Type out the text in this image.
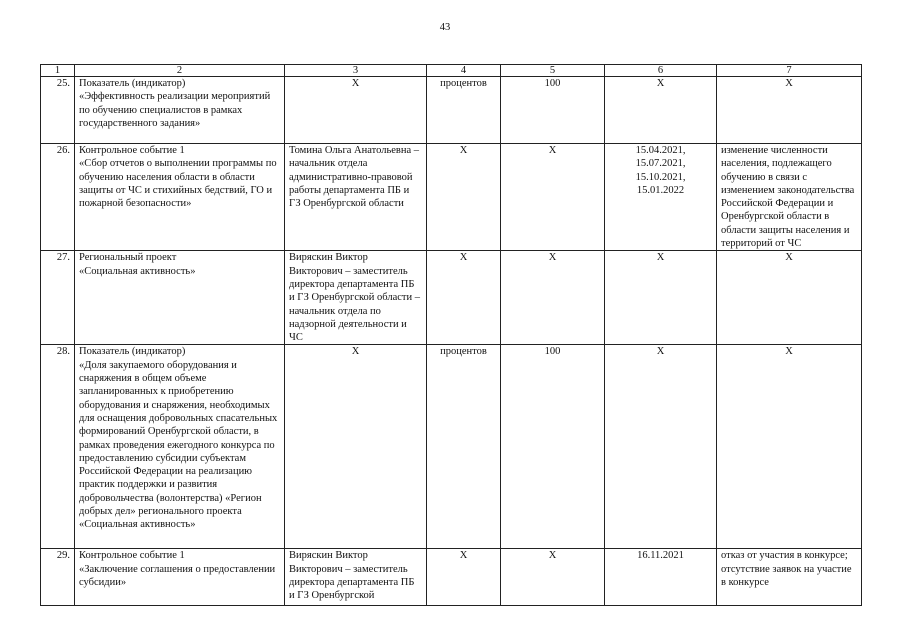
43
1	2	3	4	5	6	7
25.	Показатель (индикатор)
«Эффективность реализации мероприятий по обучению специалистов в рамках государственного задания»	Х	процентов	100	Х	Х
26.	Контрольное событие 1
«Сбор отчетов о выполнении программы по обучению населения области в области защиты от ЧС и стихийных бедствий, ГО и пожарной безопасности»	Томина Ольга Анатольевна – начальник отдела административно-правовой работы департамента ПБ и ГЗ Оренбургской области	Х	Х	15.04.2021,
15.07.2021,
15.10.2021,
15.01.2022	изменение численности населения, подлежащего обучению в связи с изменением законодательства Российской Федерации и Оренбургской области в области защиты населения и территорий от ЧС
27.	Региональный проект
«Социальная активность»	Виряскин Виктор Викторович – заместитель директора департамента ПБ и ГЗ Оренбургской области – начальник отдела по надзорной деятельности и ЧС	Х	Х	Х	Х
28.	Показатель (индикатор)
«Доля закупаемого оборудования и снаряжения в общем объеме запланированных к приобретению оборудования и снаряжения, необходимых для оснащения добровольных спасательных формирований Оренбургской области, в рамках проведения ежегодного конкурса по предоставлению субсидии субъектам Российской Федерации на реализацию практик поддержки и развития добровольчества (волонтерства) «Регион добрых дел» регионального проекта «Социальная активность»	Х	процентов	100	Х	Х
29.	Контрольное событие 1
«Заключение соглашения о предоставлении субсидии»	Виряскин Виктор Викторович – заместитель директора департамента ПБ и ГЗ Оренбургской	Х	Х	16.11.2021	отказ от участия в конкурсе;
отсутствие заявок на участие в конкурсе
